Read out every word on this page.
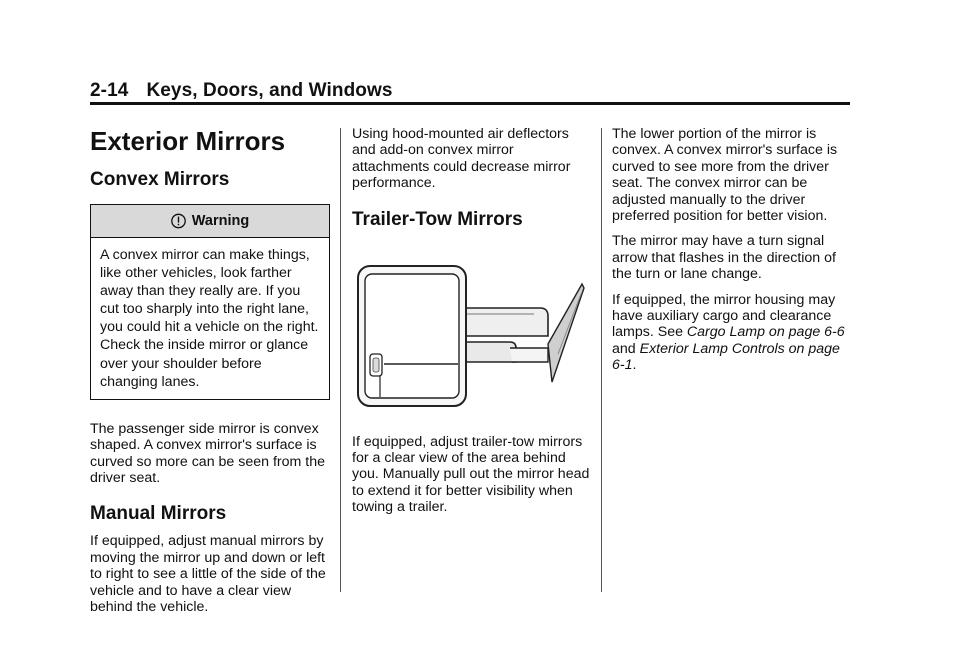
2-14 Keys, Doors, and Windows
Exterior Mirrors
Convex Mirrors
Warning
A convex mirror can make things, like other vehicles, look farther away than they really are. If you cut too sharply into the right lane, you could hit a vehicle on the right. Check the inside mirror or glance over your shoulder before changing lanes.

The passenger side mirror is convex shaped. A convex mirror's surface is curved so more can be seen from the driver seat.

Manual Mirrors

If equipped, adjust manual mirrors by moving the mirror up and down or left to right to see a little of the side of the vehicle and to have a clear view behind the vehicle.

Using hood-mounted air deflectors and add-on convex mirror attachments could decrease mirror performance.

Trailer-Tow Mirrors

If equipped, adjust trailer-tow mirrors for a clear view of the area behind you. Manually pull out the mirror head to extend it for better visibility when towing a trailer.

The lower portion of the mirror is convex. A convex mirror's surface is curved to see more from the driver seat. The convex mirror can be adjusted manually to the driver preferred position for better vision.

The mirror may have a turn signal arrow that flashes in the direction of the turn or lane change.

If equipped, the mirror housing may have auxiliary cargo and clearance lamps. See Cargo Lamp on page 6-6 and Exterior Lamp Controls on page 6-1.
